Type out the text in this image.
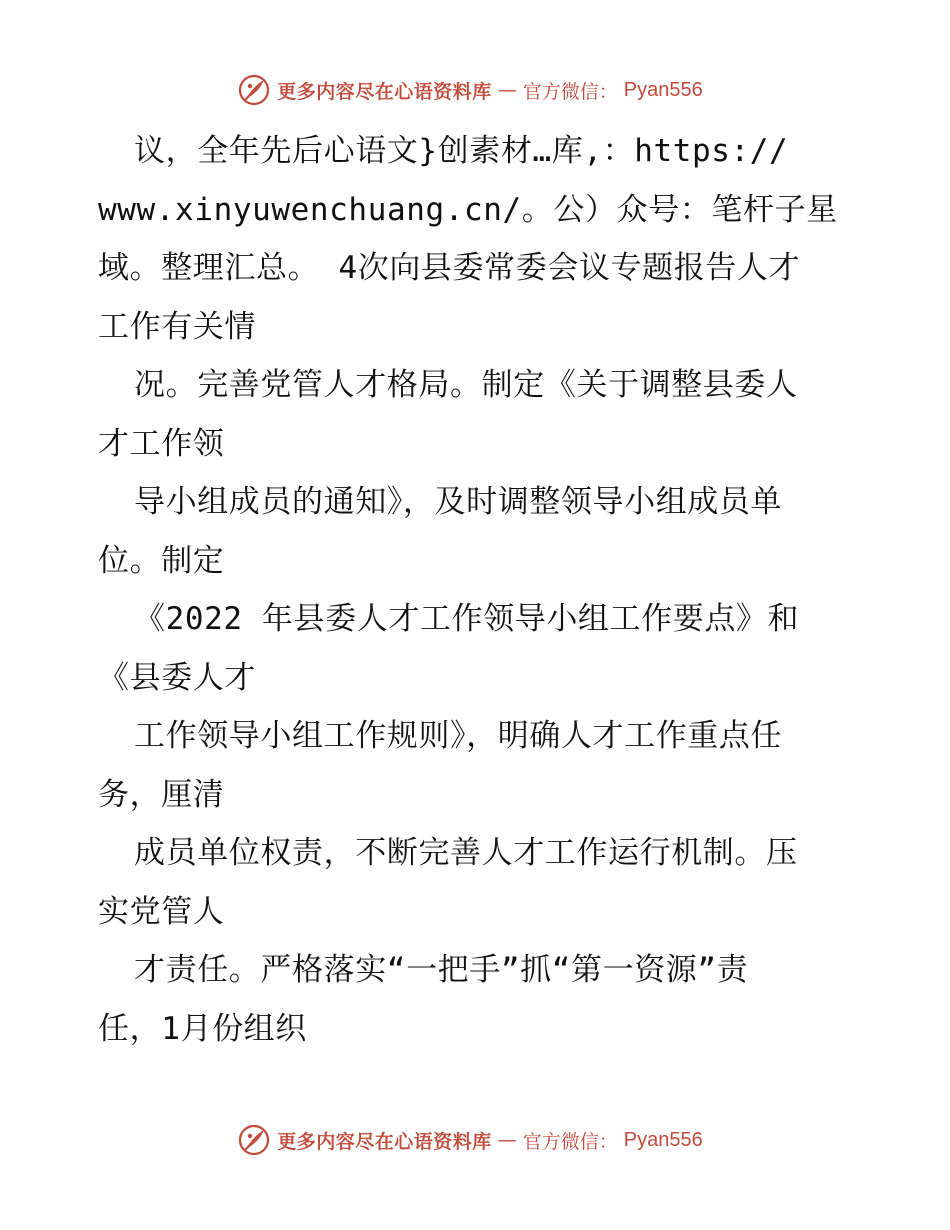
更多内容尽在心语资料库 — 官方微信： Pyan556
议，全年先后心语文}创素材…库,：https://
www.xinyuwenchuang.cn/。公）众号：笔杆子星
域。整理汇总。 4次向县委常委会议专题报告人才
工作有关情
况。完善党管人才格局。制定《关于调整县委人
才工作领
导小组成员的通知》，及时调整领导小组成员单
位。制定
《2022 年县委人才工作领导小组工作要点》和
《县委人才
工作领导小组工作规则》，明确人才工作重点任
务，厘清
成员单位权责，不断完善人才工作运行机制。压
实党管人
才责任。严格落实“一把手”抓“第一资源”责
任，1月份组织
更多内容尽在心语资料库 — 官方微信： Pyan556
